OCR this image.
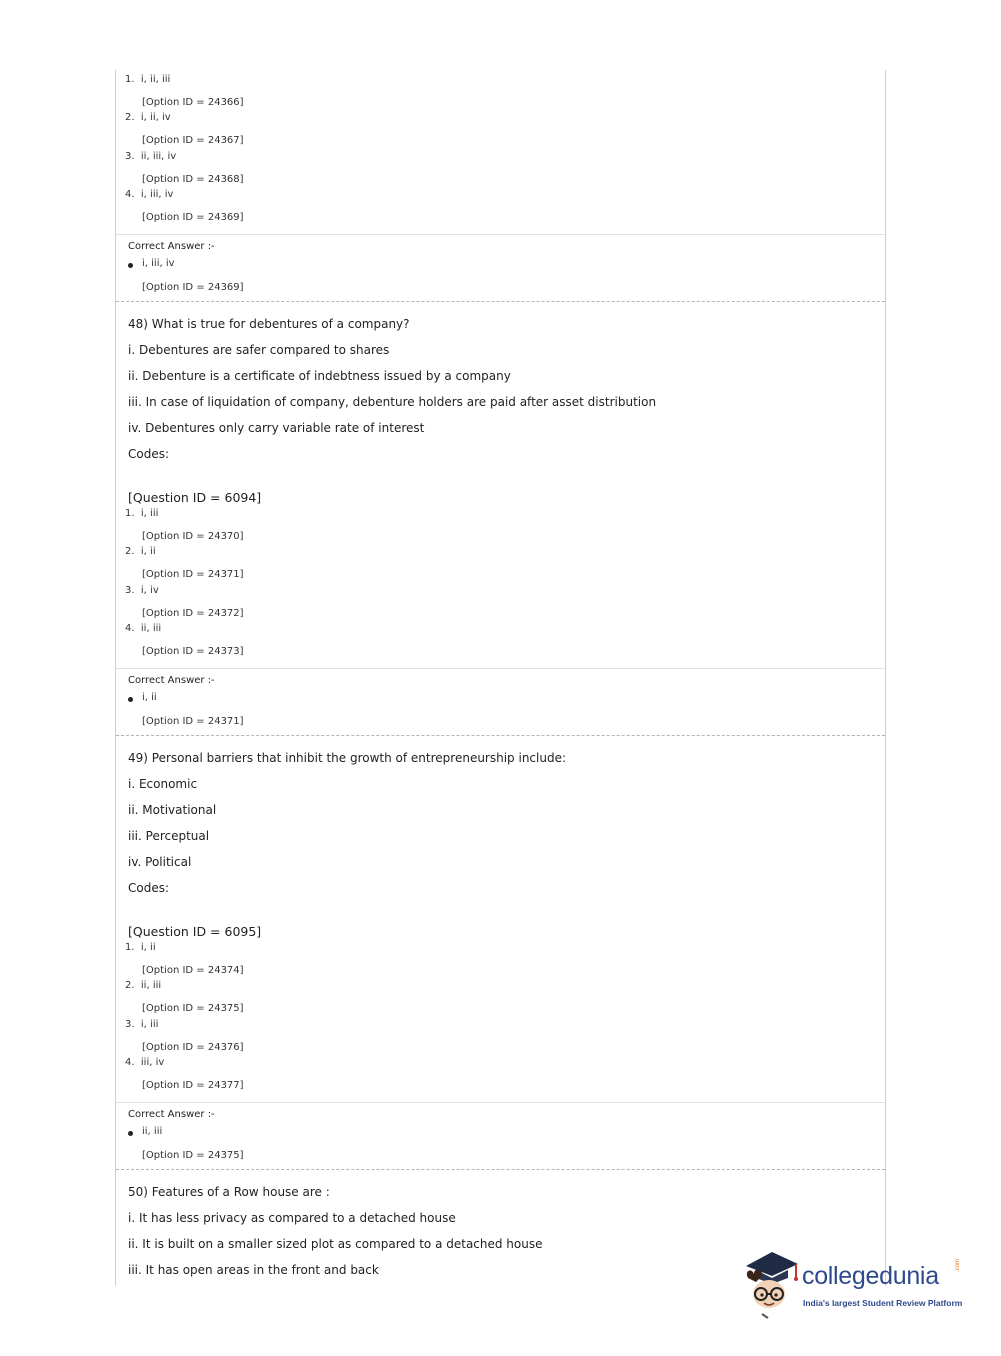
1. i, ii, iii
[Option ID = 24366]
2. i, ii, iv
[Option ID = 24367]
3. ii, iii, iv
[Option ID = 24368]
4. i, iii, iv
[Option ID = 24369]
Correct Answer :-
i, iii, iv
[Option ID = 24369]
48) What is true for debentures of a company?
i. Debentures are safer compared to shares
ii. Debenture is a certificate of indebtness issued by a company
iii. In case of liquidation of company, debenture holders are paid after asset distribution
iv. Debentures only carry variable rate of interest
Codes:
[Question ID = 6094]
1. i, iii
[Option ID = 24370]
2. i, ii
[Option ID = 24371]
3. i, iv
[Option ID = 24372]
4. ii, iii
[Option ID = 24373]
Correct Answer :-
i, ii
[Option ID = 24371]
49) Personal barriers that inhibit the growth of entrepreneurship include:
i. Economic
ii. Motivational
iii. Perceptual
iv. Political
Codes:
[Question ID = 6095]
1. i, ii
[Option ID = 24374]
2. ii, iii
[Option ID = 24375]
3. i, iii
[Option ID = 24376]
4. iii, iv
[Option ID = 24377]
Correct Answer :-
ii, iii
[Option ID = 24375]
50) Features of a Row house are :
i. It has less privacy as compared to a detached house
ii. It is built on a smaller sized plot as compared to a detached house
iii. It has open areas in the front and back	collegedunia	.com
India's largest Student Review Platform
